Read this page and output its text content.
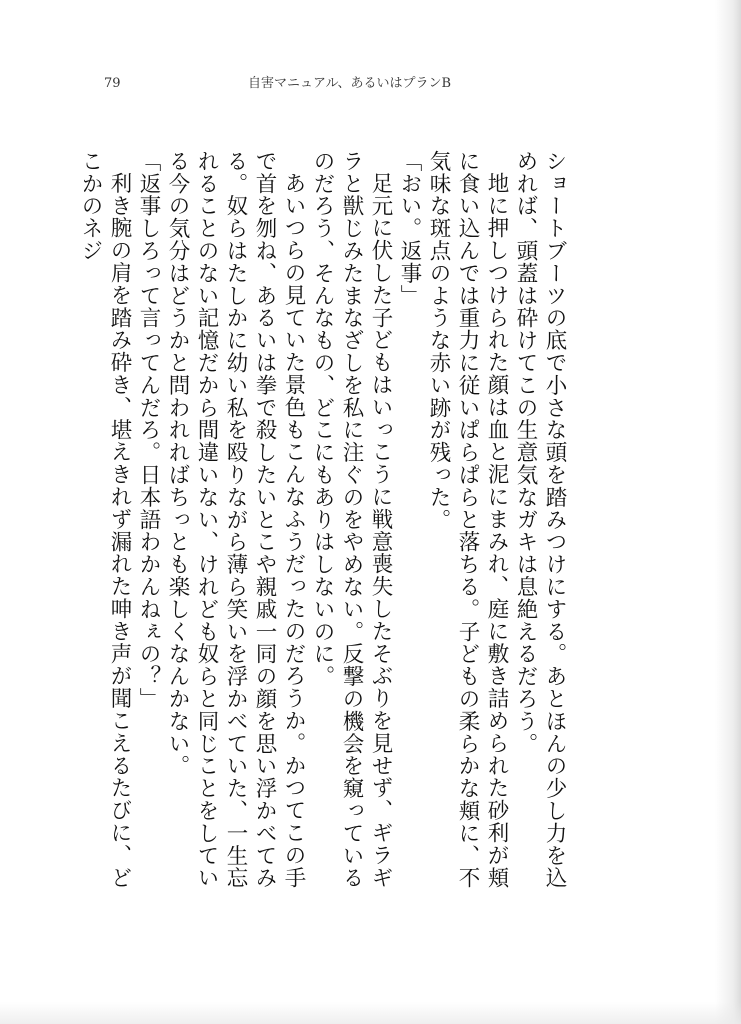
79	自害マニュアル、あるいはプランB

ショートブーツの底で小さな頭を踏みつけにする。あとほんの少し力を込めれば、頭蓋は砕けてこの生意気なガキは息絶えるだろう。

地に押しつけられた顔は血と泥にまみれ、庭に敷き詰められた砂利が頬に食い込んでは重力に従いぱらぱらと落ちる。子どもの柔らかな頬に、不気味な斑点のような赤い跡が残った。

「おい。返事」

足元に伏した子どもはいっこうに戦意喪失したそぶりを見せず、ギラギラと獣じみたまなざしを私に注ぐのをやめない。反撃の機会を窺っているのだろう、そんなもの、どこにもありはしないのに。

あいつらの見ていた景色もこんなふうだったのだろうか。かつてこの手で首を刎ね、あるいは拳で殺したいとこや親戚一同の顔を思い浮かべてみる。奴らはたしかに幼い私を殴りながら薄ら笑いを浮かべていた、一生忘れることのない記憶だから間違いない、けれども奴らと同じことをしている今の気分はどうかと問われればちっとも楽しくなんかない。

「返事しろって言ってんだろ。日本語わかんねぇの？」

利き腕の肩を踏み砕き、堪えきれず漏れた呻き声が聞こえるたびに、どこかのネジ
